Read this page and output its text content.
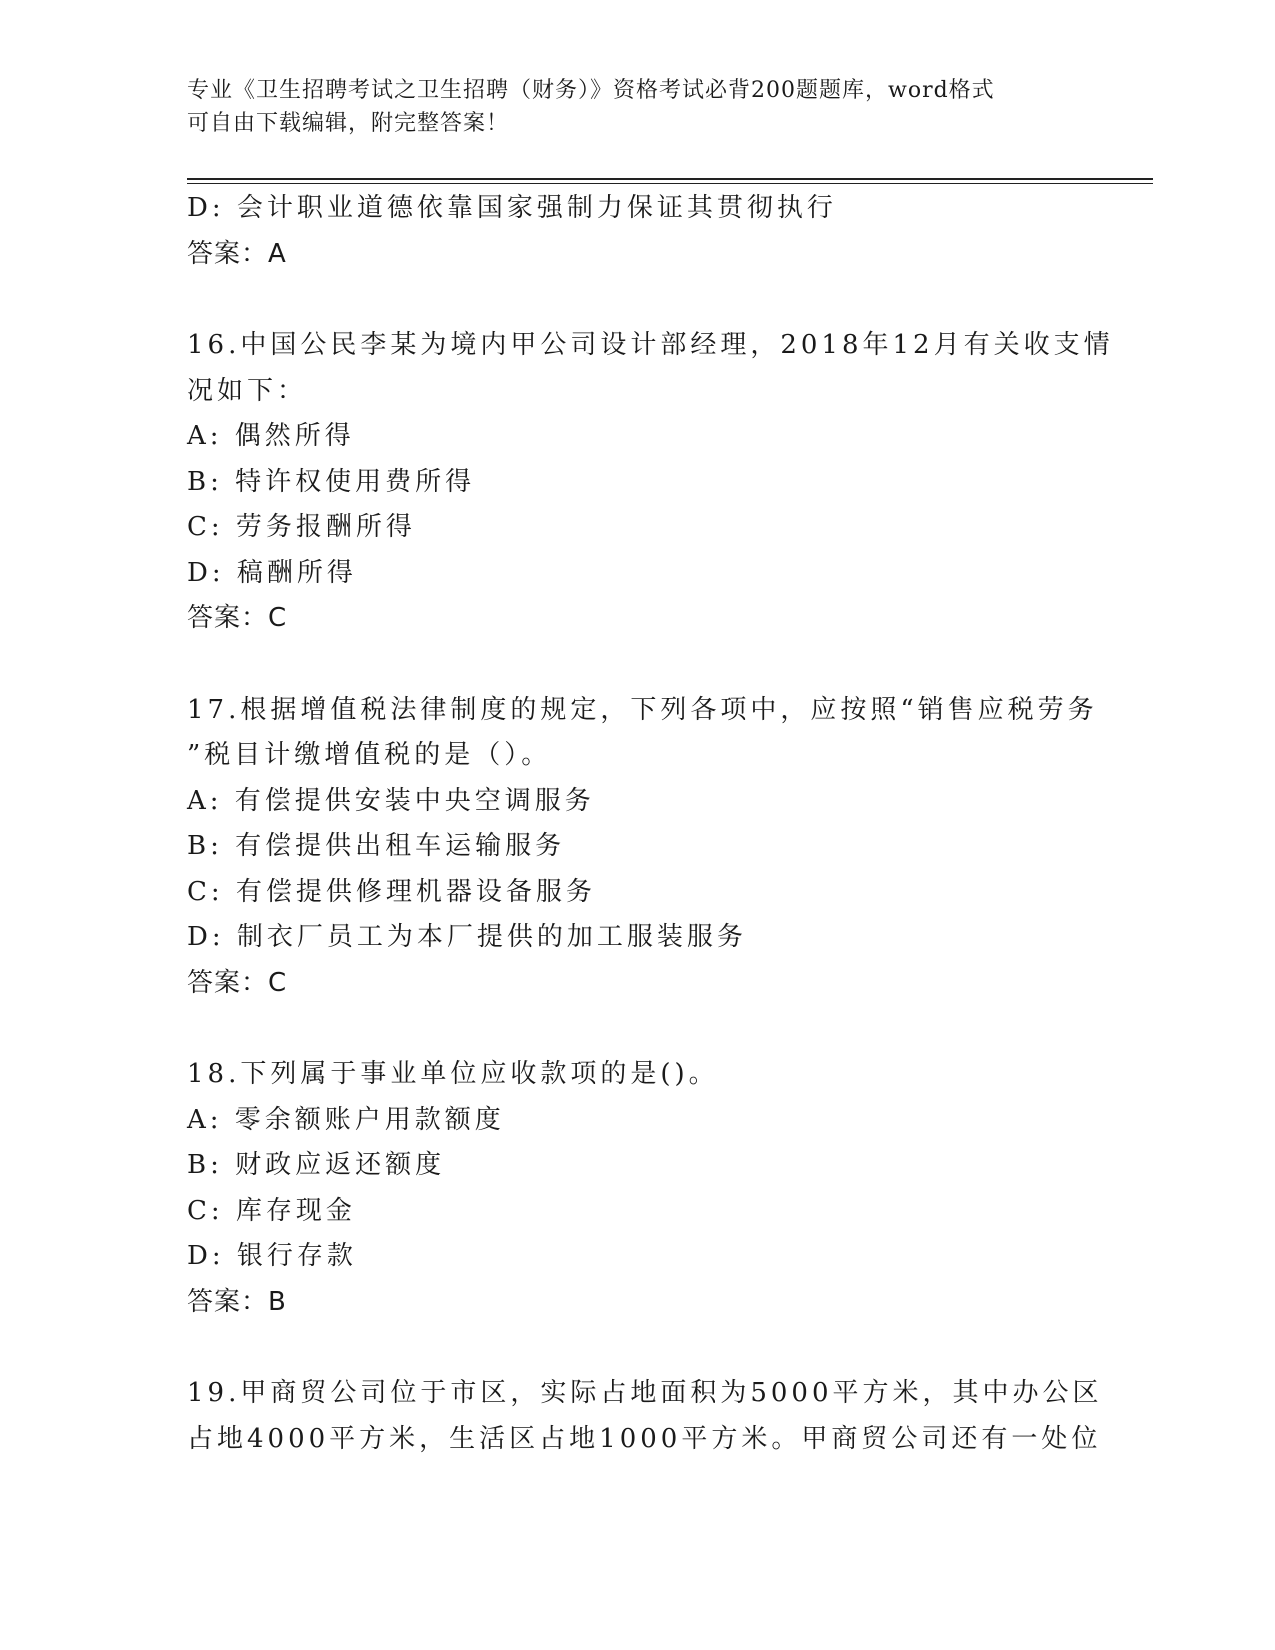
专业《卫生招聘考试之卫生招聘（财务）》资格考试必背200题题库，word格式
可自由下载编辑，附完整答案！
D: 会计职业道德依靠国家强制力保证其贯彻执行
答案：A
16.中国公民李某为境内甲公司设计部经理，2018年12月有关收支情
况如下：
A: 偶然所得
B: 特许权使用费所得
C: 劳务报酬所得
D: 稿酬所得
答案：C
17.根据增值税法律制度的规定，下列各项中，应按照“销售应税劳务
”税目计缴增值税的是（）。
A: 有偿提供安装中央空调服务
B: 有偿提供出租车运输服务
C: 有偿提供修理机器设备服务
D: 制衣厂员工为本厂提供的加工服装服务
答案：C
18.下列属于事业单位应收款项的是()。
A: 零余额账户用款额度
B: 财政应返还额度
C: 库存现金
D: 银行存款
答案：B
19.甲商贸公司位于市区，实际占地面积为5000平方米，其中办公区
占地4000平方米，生活区占地1000平方米。甲商贸公司还有一处位
